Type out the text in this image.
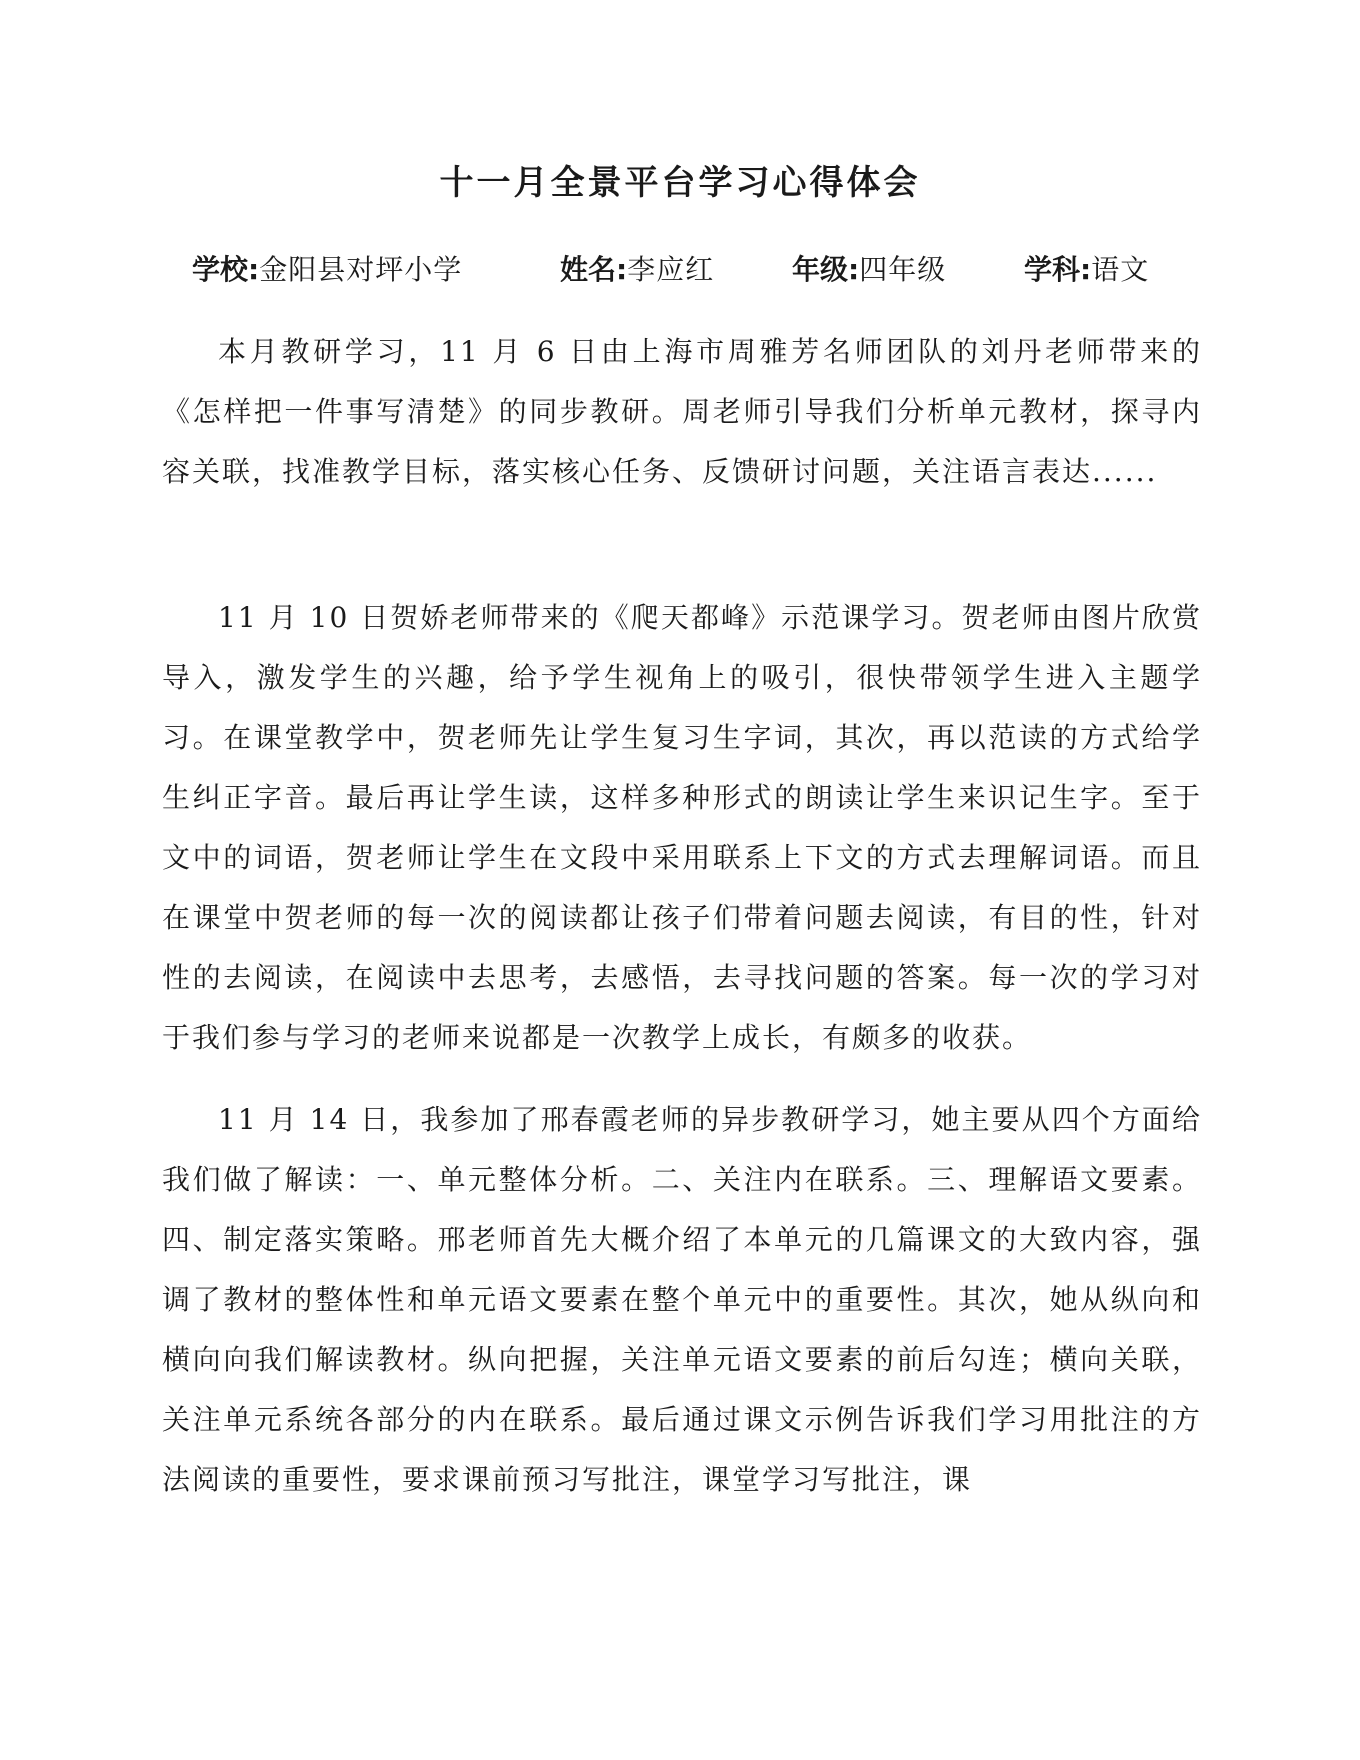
十一月全景平台学习心得体会
学校:金阳县对坪小学	姓名:李应红	年级:四年级	学科:语文

本月教研学习，11 月 6 日由上海市周雅芳名师团队的刘丹老师带来的《怎样把一件事写清楚》的同步教研。周老师引导我们分析单元教材，探寻内容关联，找准教学目标，落实核心任务、反馈研讨问题，关注语言表达......

11 月 10 日贺娇老师带来的《爬天都峰》示范课学习。贺老师由图片欣赏导入，激发学生的兴趣，给予学生视角上的吸引，很快带领学生进入主题学习。在课堂教学中，贺老师先让学生复习生字词，其次，再以范读的方式给学生纠正字音。最后再让学生读，这样多种形式的朗读让学生来识记生字。至于文中的词语，贺老师让学生在文段中采用联系上下文的方式去理解词语。而且在课堂中贺老师的每一次的阅读都让孩子们带着问题去阅读，有目的性，针对性的去阅读，在阅读中去思考，去感悟，去寻找问题的答案。每一次的学习对于我们参与学习的老师来说都是一次教学上成长，有颇多的收获。

11 月 14 日，我参加了邢春霞老师的异步教研学习，她主要从四个方面给我们做了解读：一、单元整体分析。二、关注内在联系。三、理解语文要素。四、制定落实策略。邢老师首先大概介绍了本单元的几篇课文的大致内容，强调了教材的整体性和单元语文要素在整个单元中的重要性。其次，她从纵向和横向向我们解读教材。纵向把握，关注单元语文要素的前后勾连；横向关联，关注单元系统各部分的内在联系。最后通过课文示例告诉我们学习用批注的方法阅读的重要性，要求课前预习写批注，课堂学习写批注，课
